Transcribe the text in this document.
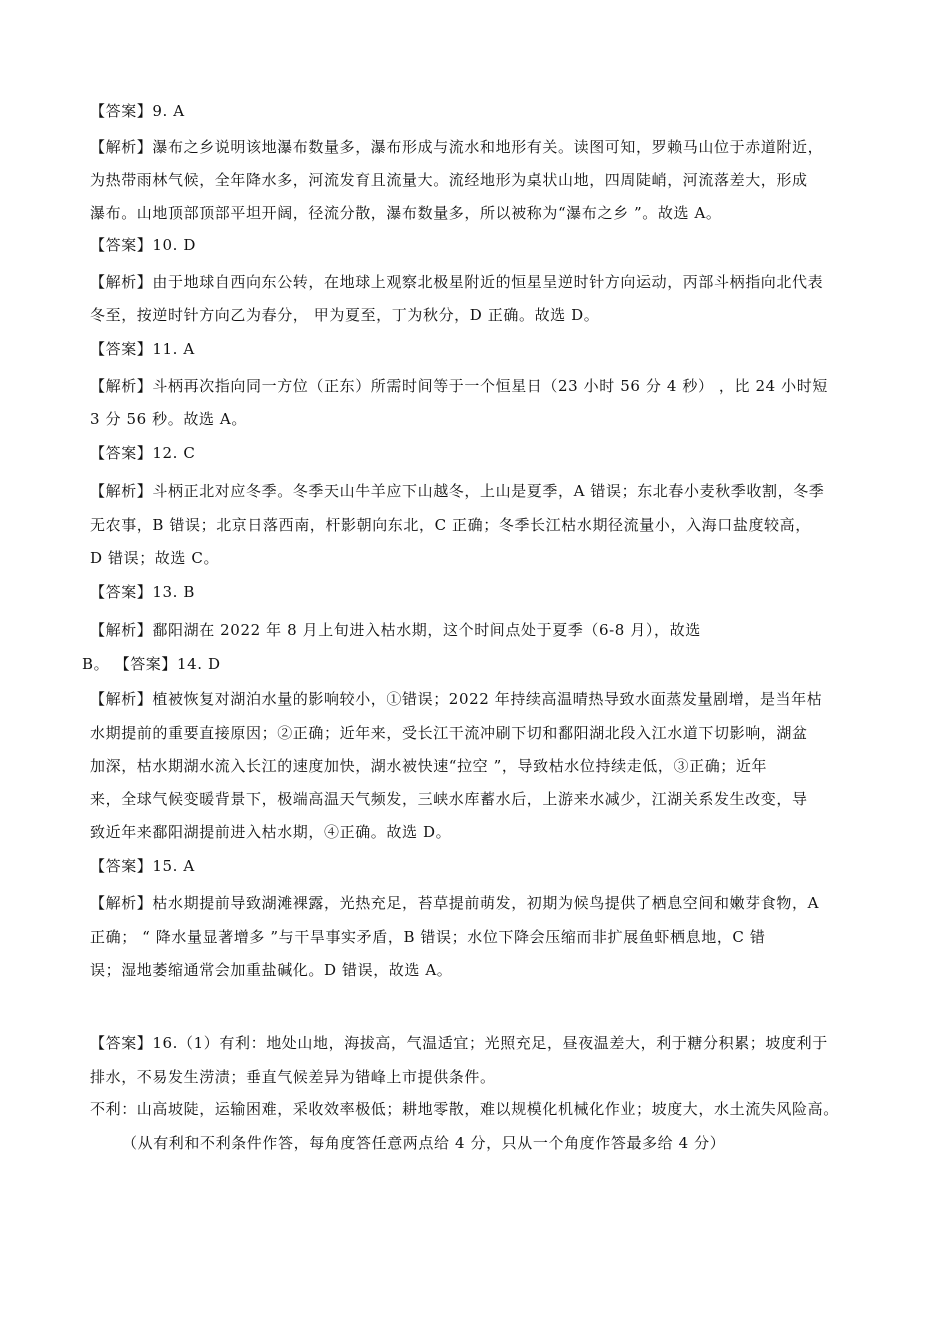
【答案】9. A
【解析】瀑布之乡说明该地瀑布数量多，瀑布形成与流水和地形有关。读图可知，罗赖马山位于赤道附近，
为热带雨林气候，全年降水多，河流发育且流量大。流经地形为桌状山地，四周陡峭，河流落差大，形成
瀑布。山地顶部顶部平坦开阔，径流分散，瀑布数量多，所以被称为“瀑布之乡 ”。故选 A。
【答案】10. D
【解析】由于地球自西向东公转，在地球上观察北极星附近的恒星呈逆时针方向运动，丙部斗柄指向北代表
冬至，按逆时针方向乙为春分， 甲为夏至，丁为秋分，D 正确。故选 D。
【答案】11. A
【解析】斗柄再次指向同一方位（正东）所需时间等于一个恒星日（23 小时 56 分 4 秒） ，比 24 小时短
3 分 56 秒。故选 A。
【答案】12. C
【解析】斗柄正北对应冬季。冬季天山牛羊应下山越冬，上山是夏季，A 错误；东北春小麦秋季收割，冬季
无农事，B 错误；北京日落西南，杆影朝向东北，C 正确；冬季长江枯水期径流量小，入海口盐度较高，
D 错误；故选 C。
【答案】13. B
【解析】鄱阳湖在 2022 年 8 月上旬进入枯水期，这个时间点处于夏季（6-8 月），故选
B。 【答案】14. D
【解析】植被恢复对湖泊水量的影响较小，①错误；2022 年持续高温晴热导致水面蒸发量剧增，是当年枯
水期提前的重要直接原因；②正确；近年来，受长江干流冲刷下切和鄱阳湖北段入江水道下切影响，湖盆
加深，枯水期湖水流入长江的速度加快，湖水被快速“拉空 ”，导致枯水位持续走低，③正确；近年
来，全球气候变暖背景下，极端高温天气频发，三峡水库蓄水后，上游来水减少，江湖关系发生改变，导
致近年来鄱阳湖提前进入枯水期，④正确。故选 D。
【答案】15. A
【解析】枯水期提前导致湖滩裸露，光热充足，苔草提前萌发，初期为候鸟提供了栖息空间和嫩芽食物，A
正确； “ 降水量显著增多 ”与干旱事实矛盾，B 错误；水位下降会压缩而非扩展鱼虾栖息地，C 错
误；湿地萎缩通常会加重盐碱化。D 错误，故选 A。
【答案】16.（1）有利：地处山地，海拔高，气温适宜；光照充足，昼夜温差大，利于糖分积累；坡度利于
排水，不易发生涝渍；垂直气候差异为错峰上市提供条件。
不利：山高坡陡，运输困难，采收效率极低；耕地零散，难以规模化机械化作业；坡度大，水土流失风险高。
（从有利和不利条件作答，每角度答任意两点给 4 分，只从一个角度作答最多给 4 分）
